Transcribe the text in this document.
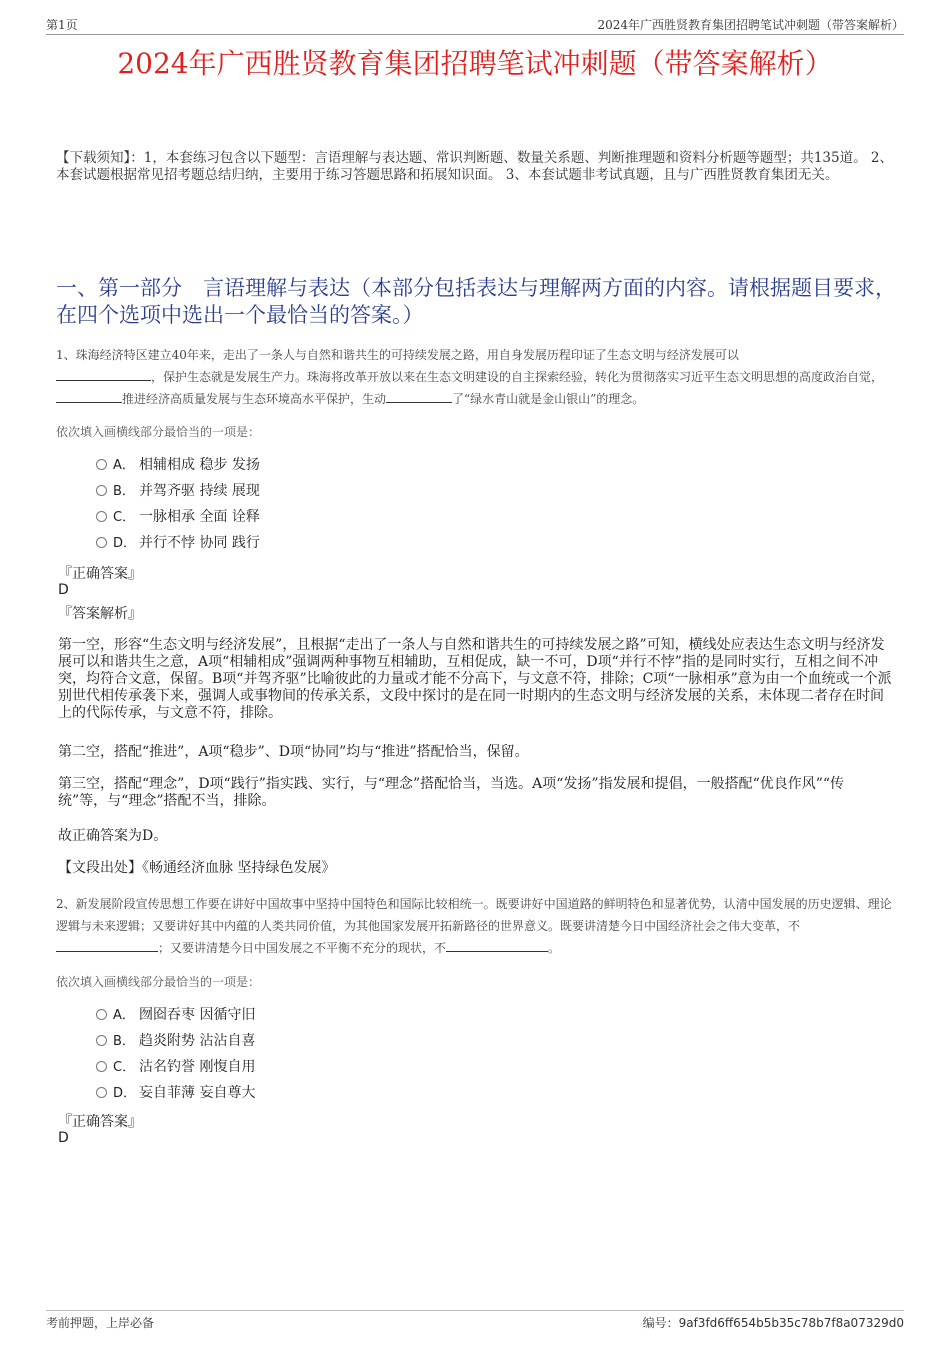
第1页	2024年广西胜贤教育集团招聘笔试冲刺题（带答案解析）
2024年广西胜贤教育集团招聘笔试冲刺题（带答案解析）
【下载须知】：1，本套练习包含以下题型：言语理解与表达题、常识判断题、数量关系题、判断推理题和资料分析题等题型；共135道。 2、本套试题根据常见招考题总结归纳，主要用于练习答题思路和拓展知识面。 3、本套试题非考试真题，且与广西胜贤教育集团无关。
一、第一部分　言语理解与表达（本部分包括表达与理解两方面的内容。请根据题目要求，在四个选项中选出一个最恰当的答案。）
1、珠海经济特区建立40年来，走出了一条人与自然和谐共生的可持续发展之路，用自身发展历程印证了生态文明与经济发展可以
，保护生态就是发展生产力。珠海将改革开放以来在生态文明建设的自主探索经验，转化为贯彻落实习近平生态文明思想的高度政治自觉，推进经济高质量发展与生态环境高水平保护，生动	了“绿水青山就是金山银山”的理念。
依次填入画横线部分最恰当的一项是：
A． 相辅相成 稳步 发扬
B． 并驾齐驱 持续 展现
C． 一脉相承 全面 诠释
D． 并行不悖 协同 践行
『正确答案』
D
『答案解析』
第一空，形容“生态文明与经济发展”，且根据“走出了一条人与自然和谐共生的可持续发展之路”可知，横线处应表达生态文明与经济发展可以和谐共生之意，A项“相辅相成”强调两种事物互相辅助，互相促成，缺一不可，D项“并行不悖”指的是同时实行，互相之间不冲突，均符合文意，保留。B项“并驾齐驱”比喻彼此的力量或才能不分高下，与文意不符，排除；C项“一脉相承”意为由一个血统或一个派别世代相传承袭下来，强调人或事物间的传承关系，文段中探讨的是在同一时期内的生态文明与经济发展的关系，未体现二者存在时间上的代际传承，与文意不符，排除。
第二空，搭配“推进”，A项“稳步”、D项“协同”均与“推进”搭配恰当，保留。
第三空，搭配“理念”，D项“践行”指实践、实行，与“理念”搭配恰当，当选。A项“发扬”指发展和提倡，一般搭配“优良作风”“传统”等，与“理念”搭配不当，排除。
故正确答案为D。
【文段出处】《畅通经济血脉 坚持绿色发展》
2、新发展阶段宣传思想工作要在讲好中国故事中坚持中国特色和国际比较相统一。既要讲好中国道路的鲜明特色和显著优势，认清中国发展的历史逻辑、理论逻辑与未来逻辑；又要讲好其中内蕴的人类共同价值，为其他国家发展开拓新路径的世界意义。既要讲清楚今日中国经济社会之伟大变革，不；又要讲清楚今日中国发展之不平衡不充分的现状，不	。
依次填入画横线部分最恰当的一项是：
A． 囫囵吞枣 因循守旧
B． 趋炎附势 沾沾自喜
C． 沽名钓誉 刚愎自用
D． 妄自菲薄 妄自尊大
『正确答案』
D
考前押题，上岸必备	编号：9af3fd6ff654b5b35c78b7f8a07329d0
